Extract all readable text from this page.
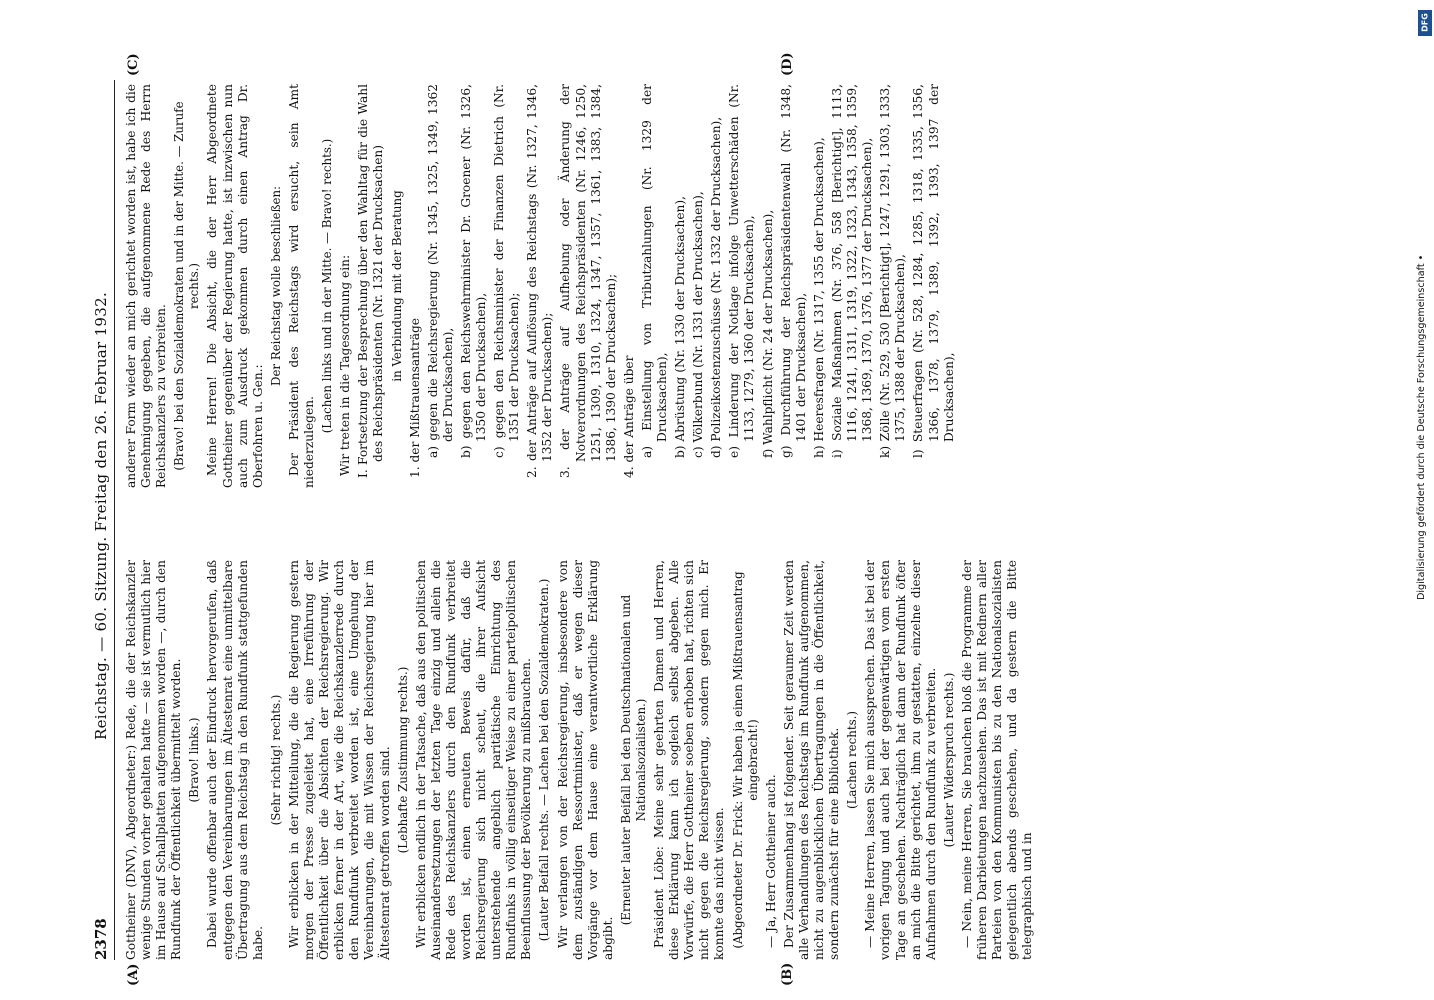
2378
Reichstag. — 60. Sitzung. Freitag den 26. Februar 1932.
(A)	(B)
(C)	(D)

Gottheiner (DNV), Abgeordneter:) Rede, die der Reichskanzler wenige Stunden vorher gehalten hatte — sie ist vermutlich hier im Hause auf Schallplatten aufgenommen worden —, durch den Rundfunk der Öffentlichkeit übermittelt worden. (Bravo! links.) Dabei wurde offenbar auch der Eindruck hervorgerufen, daß entgegen den Vereinbarungen im Ältestenrat eine unmittelbare Übertragung aus dem Reichstag in den Rundfunk stattgefunden habe.

(Sehr richtig! rechts.) Wir erblicken in der Mitteilung, die die Regierung gestern morgen der Presse zugeleitet hat, eine Irreführung der Öffentlichkeit über die Absichten der Reichsregierung. Wir erblicken ferner in der Art, wie die Reichskanzlerrede durch den Rundfunk verbreitet worden ist, eine Umgehung der Vereinbarungen, die mit Wissen der Reichsregierung hier im Ältestenrat getroffen worden sind. (Lebhafte Zustimmung rechts.) Wir erblicken endlich in der Tatsache, daß aus den politischen Auseinandersetzungen der letzten Tage einzig und allein die Rede des Reichskanzlers durch den Rundfunk verbreitet worden ist, einen erneuten Beweis dafür, daß die Reichsregierung sich nicht scheut, die ihrer Aufsicht unterstehende angeblich paritätische Einrichtung des Rundfunks in völlig einseitiger Weise zu einer parteipolitischen Beeinflussung der Bevölkerung zu mißbrauchen. (Lauter Beifall rechts. — Lachen bei den Sozialdemokraten.) Wir verlangen von der Reichsregierung, insbesondere von dem zuständigen Ressortminister, daß er wegen dieser Vorgänge vor dem Hause eine verantwortliche Erklärung abgibt.

(Erneuter lauter Beifall bei den Deutschnationalen und Nationalsozialisten.) Präsident Löbe: Meine sehr geehrten Damen und Herren, diese Erklärung kann ich sogleich selbst abgeben. Alle Vorwürfe, die Herr Gottheiner soeben erhoben hat, richten sich nicht gegen die Reichsregierung, sondern gegen mich. Er konnte das nicht wissen. (Abgeordneter Dr. Frick: Wir haben ja einen Mißtrauensantrag eingebracht!)

— Ja, Herr Gottheiner auch. Der Zusammenhang ist folgender. Seit geraumer Zeit werden alle Verhandlungen des Reichstags im Rundfunk aufgenommen, nicht zu augenblicklichen Übertragungen in die Öffentlichkeit, sondern zunächst für eine Bibliothek. (Lachen rechts.) — Meine Herren, lassen Sie mich aussprechen. Das ist bei der vorigen Tagung und auch bei der gegenwärtigen vom ersten Tage an geschehen. Nachträglich hat dann der Rundfunk öfter an mich die Bitte gerichtet, ihm zu gestatten, einzelne dieser Aufnahmen durch den Rundfunk zu verbreiten. (Lauter Widerspruch rechts.) — Nein, meine Herren, Sie brauchen bloß die Programme der früheren Darbietungen nachzusehen. Das ist mit Rednern aller Parteien von den Kommunisten bis zu den Nationalsozialisten gelegentlich abends geschehen, und da gestern die Bitte telegraphisch und in

anderer Form wieder an mich gerichtet worden ist, habe ich die Genehmigung gegeben, die aufgenommene Rede des Herrn Reichskanzlers zu verbreiten. (Bravo! bei den Sozialdemokraten und in der Mitte. — Zurufe rechts.) Meine Herren! Die Absicht, die der Herr Abgeordnete Gottheiner gegenüber der Regierung hatte, ist inzwischen nun auch zum Ausdruck gekommen durch einen Antrag Dr. Oberfohren u. Gen.:

Der Reichstag wolle beschließen: Der Präsident des Reichstags wird ersucht, sein Amt niederzulegen.

(Lachen links und in der Mitte. — Bravo! rechts.) Wir treten in die Tagesordnung ein: I. Fortsetzung der Besprechung über den Wahltag für die Wahl des Reichspräsidenten (Nr. 1321 der Drucksachen) in Verbindung mit der Beratung

1. der Mißtrauensanträge a) gegen die Reichsregierung (Nr. 1345, 1325, 1349, 1362 der Drucksachen), b) gegen den Reichswehrminister Dr. Groener (Nr. 1326, 1350 der Drucksachen), c) gegen den Reichsminister der Finanzen Dietrich (Nr. 1351 der Drucksachen); 2. der Anträge auf Auflösung des Reichstags (Nr. 1327, 1346, 1352 der Drucksachen); 3. der Anträge auf Aufhebung oder Änderung der Notverordnungen des Reichspräsidenten (Nr. 1246, 1250, 1251, 1309, 1310, 1324, 1347, 1357, 1361, 1383, 1384, 1386, 1390 der Drucksachen); 4. der Anträge über a) Einstellung von Tributzahlungen (Nr. 1329 der Drucksachen), b) Abrüstung (Nr. 1330 der Drucksachen), c) Völkerbund (Nr. 1331 der Drucksachen), d) Polizeikostenzuschüsse (Nr. 1332 der Drucksachen), e) Linderung der Notlage infolge Unwetterschäden (Nr. 1133, 1279, 1360 der Drucksachen), f) Wahlpflicht (Nr. 24 der Drucksachen), g) Durchführung der Reichspräsidentenwahl (Nr. 1348, 1401 der Drucksachen), h) Heeresfragen (Nr. 1317, 1355 der Drucksachen), i) Soziale Maßnahmen (Nr. 376, 558 [Berichtigt], 1113, 1116, 1241, 1311, 1319, 1322, 1323, 1343, 1358, 1359, 1368, 1369, 1370, 1376, 1377 der Drucksachen), k) Zölle (Nr. 529, 530 [Berichtigt], 1247, 1291, 1303, 1333, 1375, 1388 der Drucksachen), l) Steuerfragen (Nr. 528, 1284, 1285, 1318, 1335, 1356, 1366, 1378, 1379, 1389, 1392, 1393, 1397 der Drucksachen),

DFG
Digitalisierung gefördert durch die Deutsche Forschungsgemeinschaft •
